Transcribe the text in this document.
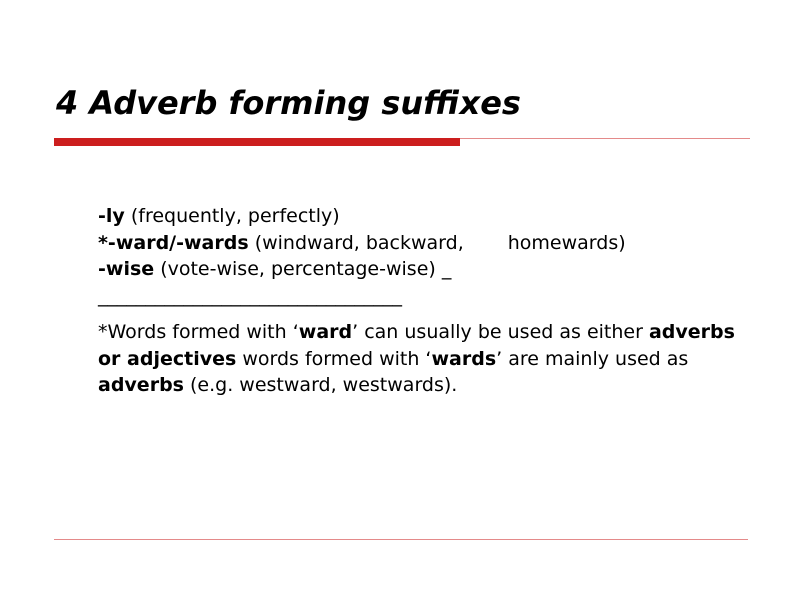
4 Adverb forming suffixes
-ly (frequently, perfectly)
*-ward/-wards (windward, backward, homewards)
-wise (vote-wise, percentage-wise) _
________________________________
*Words formed with ‘ward’ can usually be used as either adverbs or adjectives words formed with ‘wards’ are mainly used as adverbs (e.g. westward, westwards).
